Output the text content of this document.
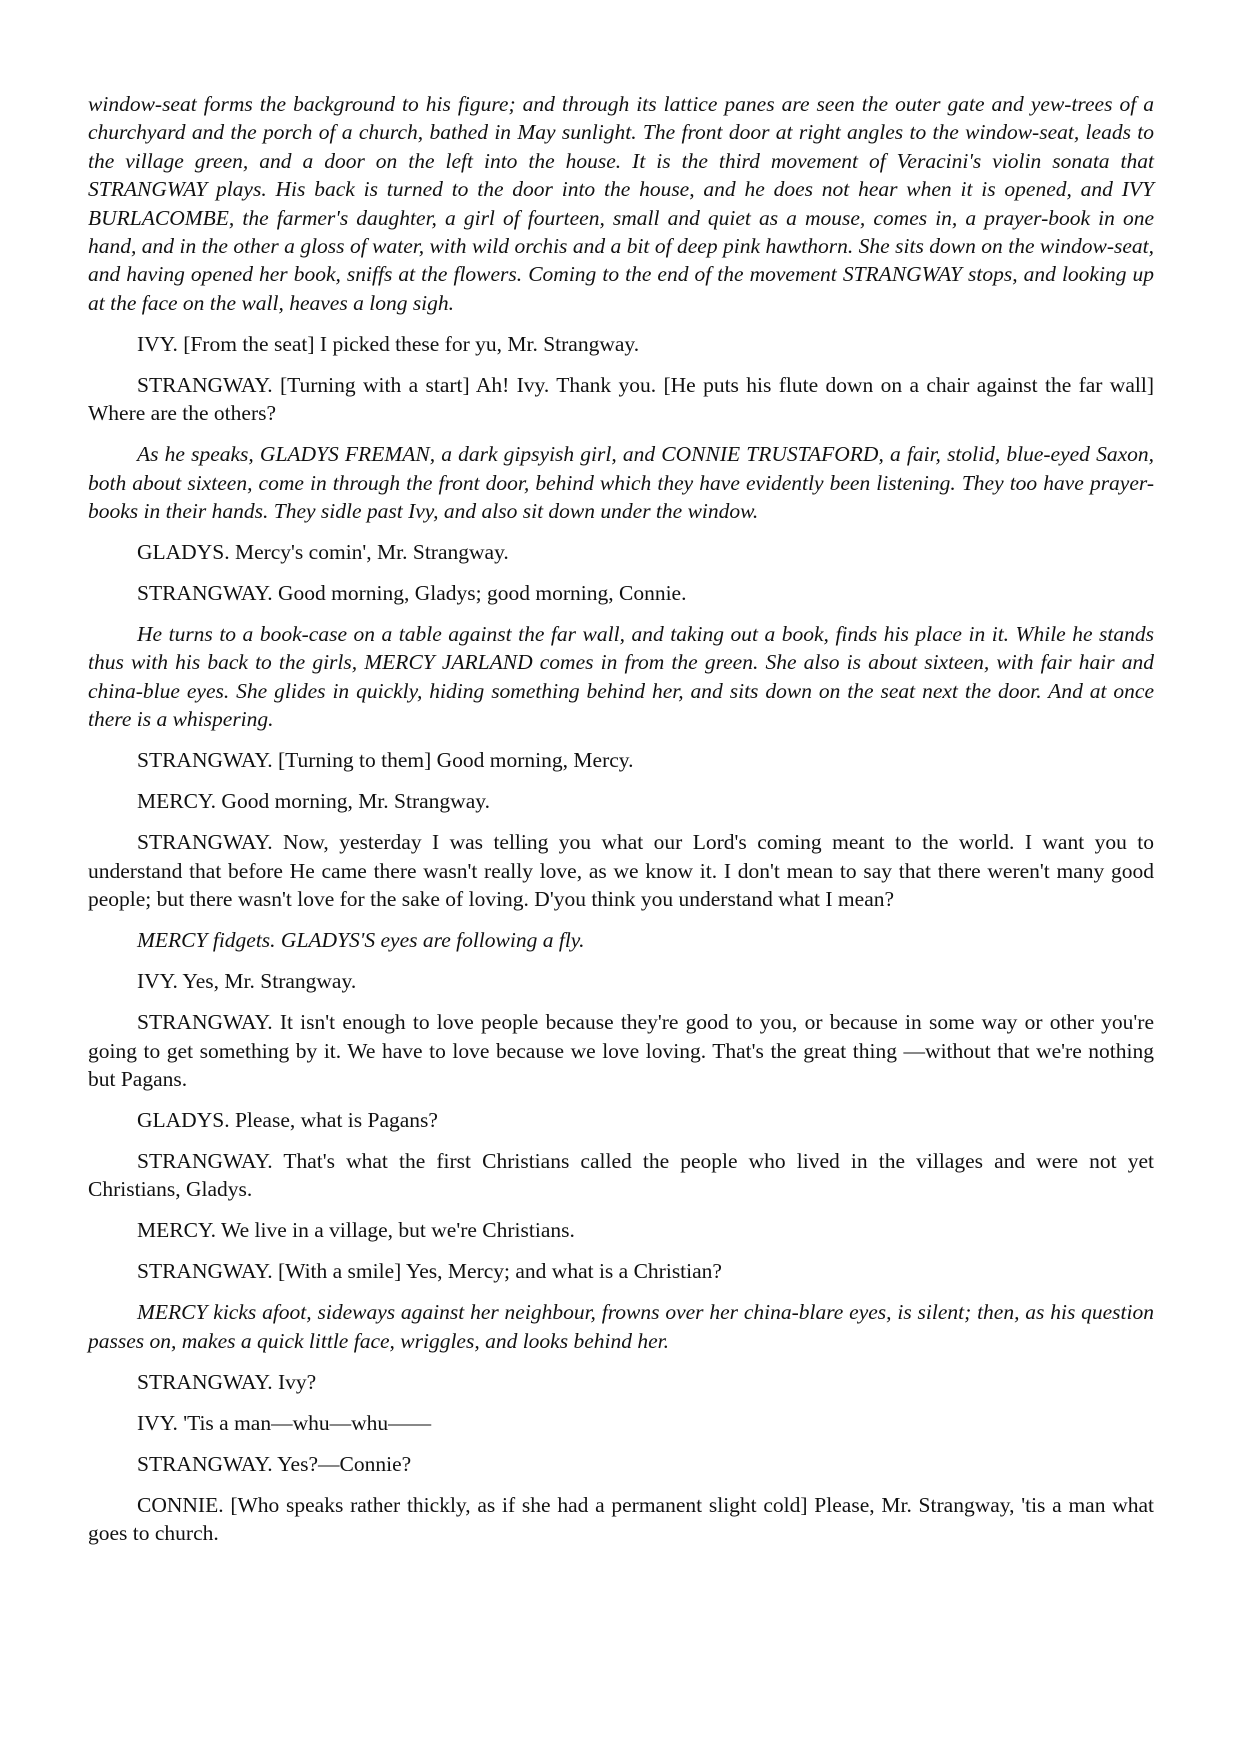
window-seat forms the background to his figure; and through its lattice panes are seen the outer gate and yew-trees of a churchyard and the porch of a church, bathed in May sunlight. The front door at right angles to the window-seat, leads to the village green, and a door on the left into the house. It is the third movement of Veracini's violin sonata that STRANGWAY plays. His back is turned to the door into the house, and he does not hear when it is opened, and IVY BURLACOMBE, the farmer's daughter, a girl of fourteen, small and quiet as a mouse, comes in, a prayer-book in one hand, and in the other a gloss of water, with wild orchis and a bit of deep pink hawthorn. She sits down on the window-seat, and having opened her book, sniffs at the flowers. Coming to the end of the movement STRANGWAY stops, and looking up at the face on the wall, heaves a long sigh.

IVY. [From the seat] I picked these for yu, Mr. Strangway.

STRANGWAY. [Turning with a start] Ah! Ivy. Thank you. [He puts his flute down on a chair against the far wall] Where are the others?

As he speaks, GLADYS FREMAN, a dark gipsyish girl, and CONNIE TRUSTAFORD, a fair, stolid, blue-eyed Saxon, both about sixteen, come in through the front door, behind which they have evidently been listening. They too have prayer-books in their hands. They sidle past Ivy, and also sit down under the window.

GLADYS. Mercy's comin', Mr. Strangway.

STRANGWAY. Good morning, Gladys; good morning, Connie.

He turns to a book-case on a table against the far wall, and taking out a book, finds his place in it. While he stands thus with his back to the girls, MERCY JARLAND comes in from the green. She also is about sixteen, with fair hair and china-blue eyes. She glides in quickly, hiding something behind her, and sits down on the seat next the door. And at once there is a whispering.

STRANGWAY. [Turning to them] Good morning, Mercy.

MERCY. Good morning, Mr. Strangway.

STRANGWAY. Now, yesterday I was telling you what our Lord's coming meant to the world. I want you to understand that before He came there wasn't really love, as we know it. I don't mean to say that there weren't many good people; but there wasn't love for the sake of loving. D'you think you understand what I mean?

MERCY fidgets. GLADYS'S eyes are following a fly.

IVY. Yes, Mr. Strangway.

STRANGWAY. It isn't enough to love people because they're good to you, or because in some way or other you're going to get something by it. We have to love because we love loving. That's the great thing —without that we're nothing but Pagans.

GLADYS. Please, what is Pagans?

STRANGWAY. That's what the first Christians called the people who lived in the villages and were not yet Christians, Gladys.

MERCY. We live in a village, but we're Christians.

STRANGWAY. [With a smile] Yes, Mercy; and what is a Christian?

MERCY kicks afoot, sideways against her neighbour, frowns over her china-blare eyes, is silent; then, as his question passes on, makes a quick little face, wriggles, and looks behind her.

STRANGWAY. Ivy?

IVY. 'Tis a man—whu—whu——

STRANGWAY. Yes?—Connie?

CONNIE. [Who speaks rather thickly, as if she had a permanent slight cold] Please, Mr. Strangway, 'tis a man what goes to church.
